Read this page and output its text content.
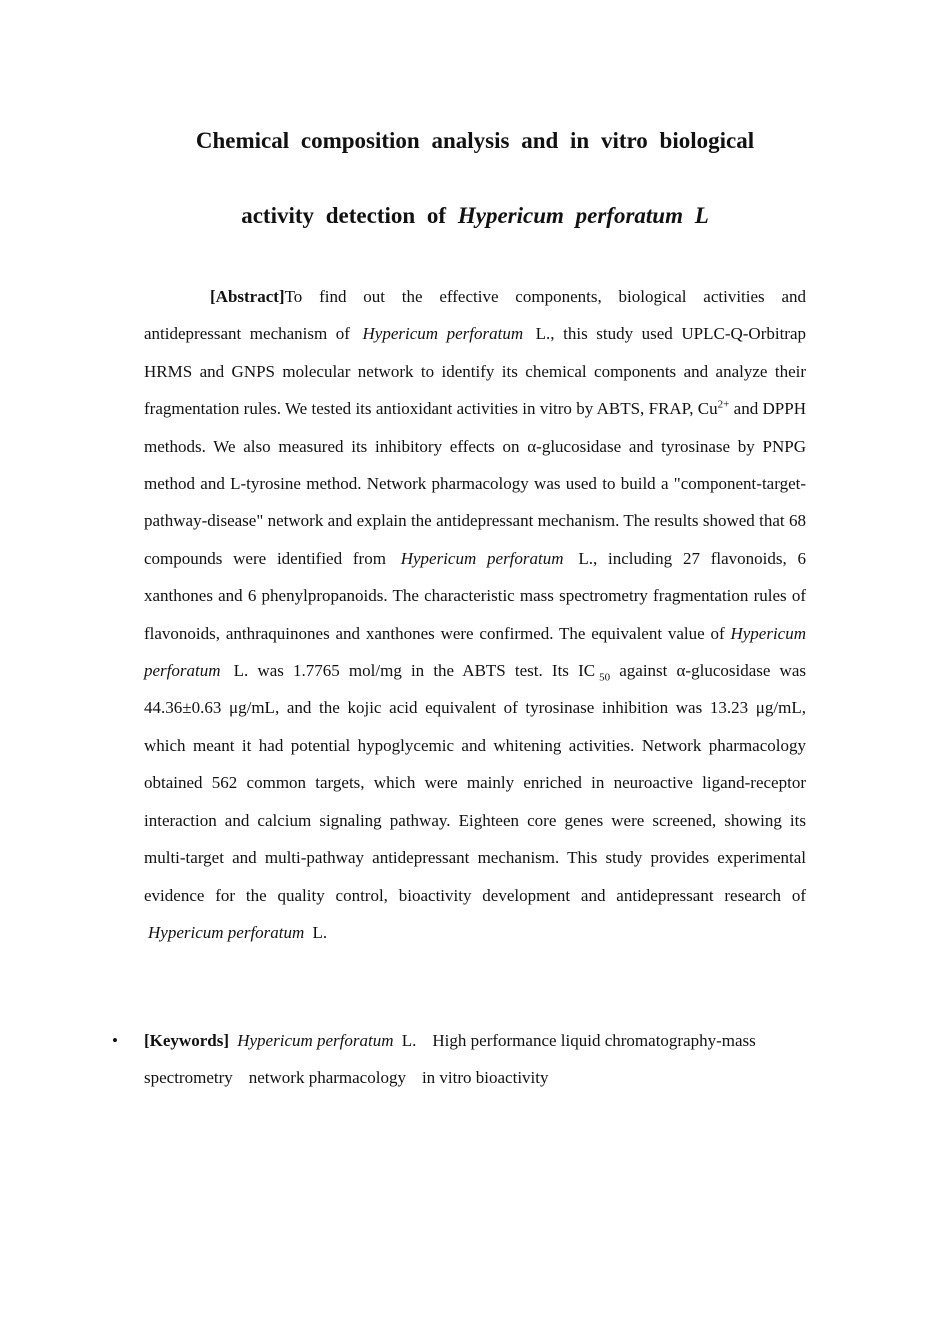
Chemical composition analysis and in vitro biological
activity detection of Hypericum perforatum L

[Abstract]To find out the effective components, biological activities and antidepressant mechanism of Hypericum perforatum L., this study used UPLC-Q-Orbitrap HRMS and GNPS molecular network to identify its chemical components and analyze their fragmentation rules. We tested its antioxidant activities in vitro by ABTS, FRAP, $Cu^{2+}$ and DPPH methods. We also measured its inhibitory effects on α-glucosidase and tyrosinase by PNPG method and L-tyrosine method. Network pharmacology was used to build a "component-target-pathway-disease" network and explain the antidepressant mechanism. The results showed that 68 compounds were identified from Hypericum perforatum L., including 27 flavonoids, 6 xanthones and 6 phenylpropanoids. The characteristic mass spectrometry fragmentation rules of flavonoids, anthraquinones and xanthones were confirmed. The equivalent value of Hypericum perforatum L. was 1.7765 mol/mg in the ABTS test. Its IC $_{50}$ against α-glucosidase was 44.36±0.63 μg/mL, and the kojic acid equivalent of tyrosinase inhibition was 13.23 μg/mL, which meant it had potential hypoglycemic and whitening activities. Network pharmacology obtained 562 common targets, which were mainly enriched in neuroactive ligand-receptor interaction and calcium signaling pathway. Eighteen core genes were screened, showing its multi-target and multi-pathway antidepressant mechanism. This study provides experimental evidence for the quality control, bioactivity development and antidepressant research of Hypericum perforatum L.

• [Keywords] Hypericum perforatum L. High performance liquid chromatography-mass spectrometry network pharmacology in vitro bioactivity
